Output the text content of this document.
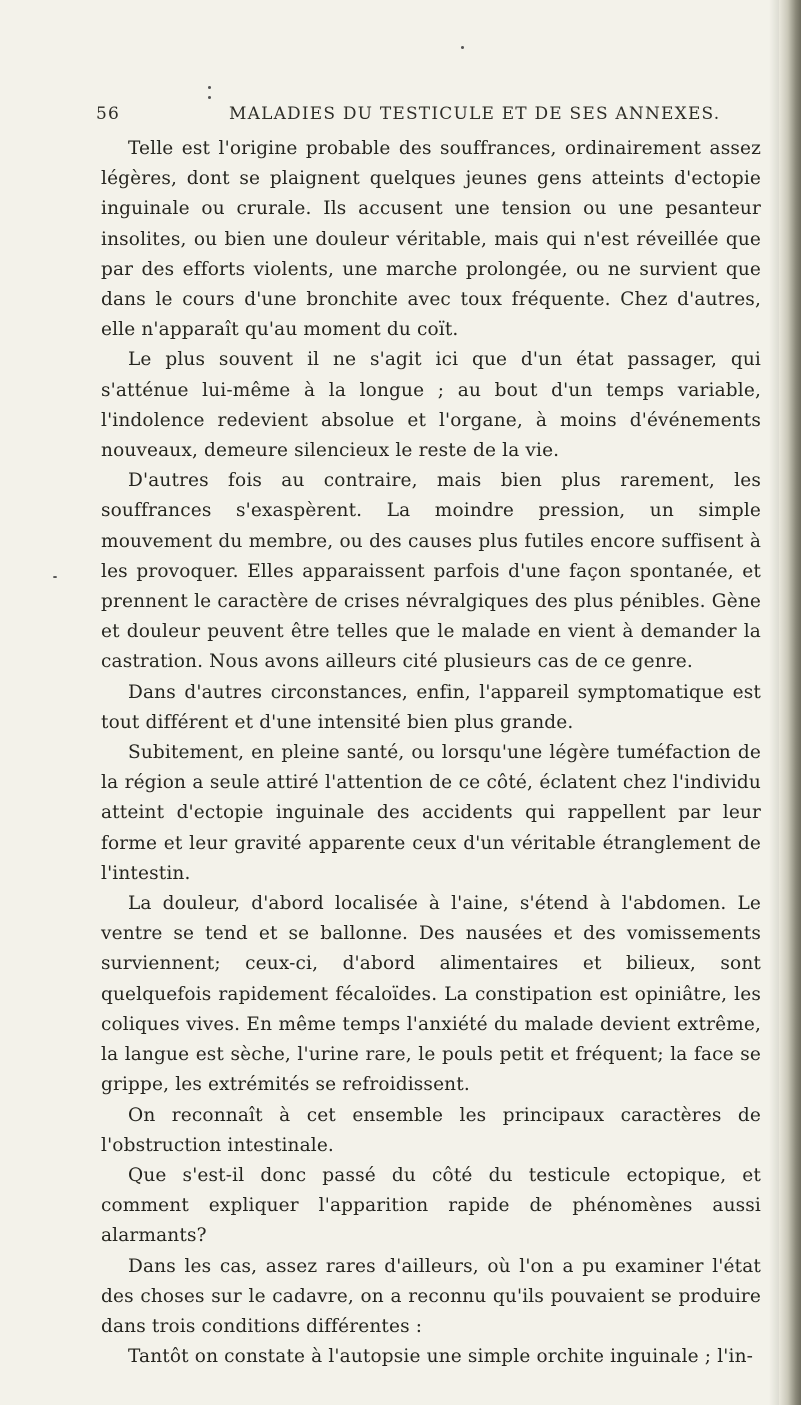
56	MALADIES DU TESTICULE ET DE SES ANNEXES.

Telle est l'origine probable des souffrances, ordinairement assez légères, dont se plaignent quelques jeunes gens atteints d'ectopie inguinale ou crurale. Ils accusent une tension ou une pesanteur insolites, ou bien une douleur véritable, mais qui n'est réveillée que par des efforts violents, une marche prolongée, ou ne survient que dans le cours d'une bronchite avec toux fréquente. Chez d'autres, elle n'apparaît qu'au moment du coït.

Le plus souvent il ne s'agit ici que d'un état passager, qui s'atténue lui-même à la longue ; au bout d'un temps variable, l'indolence redevient absolue et l'organe, à moins d'événements nouveaux, demeure silencieux le reste de la vie.

D'autres fois au contraire, mais bien plus rarement, les souffrances s'exaspèrent. La moindre pression, un simple mouvement du membre, ou des causes plus futiles encore suffisent à les provoquer. Elles apparaissent parfois d'une façon spontanée, et prennent le caractère de crises névralgiques des plus pénibles. Gène et douleur peuvent être telles que le malade en vient à demander la castration. Nous avons ailleurs cité plusieurs cas de ce genre.

Dans d'autres circonstances, enfin, l'appareil symptomatique est tout différent et d'une intensité bien plus grande.

Subitement, en pleine santé, ou lorsqu'une légère tuméfaction de la région a seule attiré l'attention de ce côté, éclatent chez l'individu atteint d'ectopie inguinale des accidents qui rappellent par leur forme et leur gravité apparente ceux d'un véritable étranglement de l'intestin.

La douleur, d'abord localisée à l'aine, s'étend à l'abdomen. Le ventre se tend et se ballonne. Des nausées et des vomissements surviennent; ceux-ci, d'abord alimentaires et bilieux, sont quelquefois rapidement fécaloïdes. La constipation est opiniâtre, les coliques vives. En même temps l'anxiété du malade devient extrême, la langue est sèche, l'urine rare, le pouls petit et fréquent; la face se grippe, les extrémités se refroidissent.

On reconnaît à cet ensemble les principaux caractères de l'obstruction intestinale.

Que s'est-il donc passé du côté du testicule ectopique, et comment expliquer l'apparition rapide de phénomènes aussi alarmants?

Dans les cas, assez rares d'ailleurs, où l'on a pu examiner l'état des choses sur le cadavre, on a reconnu qu'ils pouvaient se produire dans trois conditions différentes :

Tantôt on constate à l'autopsie une simple orchite inguinale ; l'in-
